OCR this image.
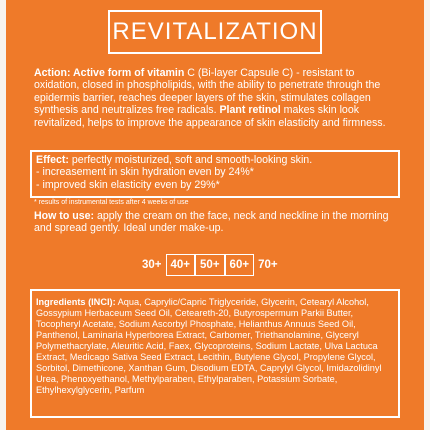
REVITALIZATION
Action: Active form of vitamin C (Bi-layer Capsule C) - resistant to oxidation, closed in phospholipids, with the ability to penetrate through the epidermis barrier, reaches deeper layers of the skin, stimulates collagen synthesis and neutralizes free radicals. Plant retinol makes skin look revitalized, helps to improve the appearance of skin elasticity and firmness.
Effect: perfectly moisturized, soft and smooth-looking skin.
- increasement in skin hydration even by 24%*
- improved skin elasticity even by 29%*
* results of instrumental tests after 4 weeks of use
How to use: apply the cream on the face, neck and neckline in the morning and spread gently. Ideal under make-up.
30+ 40+ 50+ 60+ 70+
Ingredients (INCI): Aqua, Caprylic/Capric Triglyceride, Glycerin, Cetearyl Alcohol, Gossypium Herbaceum Seed Oil, Ceteareth-20, Butyrospermum Parkii Butter, Tocopheryl Acetate, Sodium Ascorbyl Phosphate, Helianthus Annuus Seed Oil, Panthenol, Laminaria Hyperborea Extract, Carbomer, Triethanolamine, Glyceryl Polymethacrylate, Aleuritic Acid, Faex, Glycoproteins, Sodium Lactate, Ulva Lactuca Extract, Medicago Sativa Seed Extract, Lecithin, Butylene Glycol, Propylene Glycol, Sorbitol, Dimethicone, Xanthan Gum, Disodium EDTA, Caprylyl Glycol, Imidazolidinyl Urea, Phenoxyethanol, Methylparaben, Ethylparaben, Potassium Sorbate, Ethylhexylglycerin, Parfum
